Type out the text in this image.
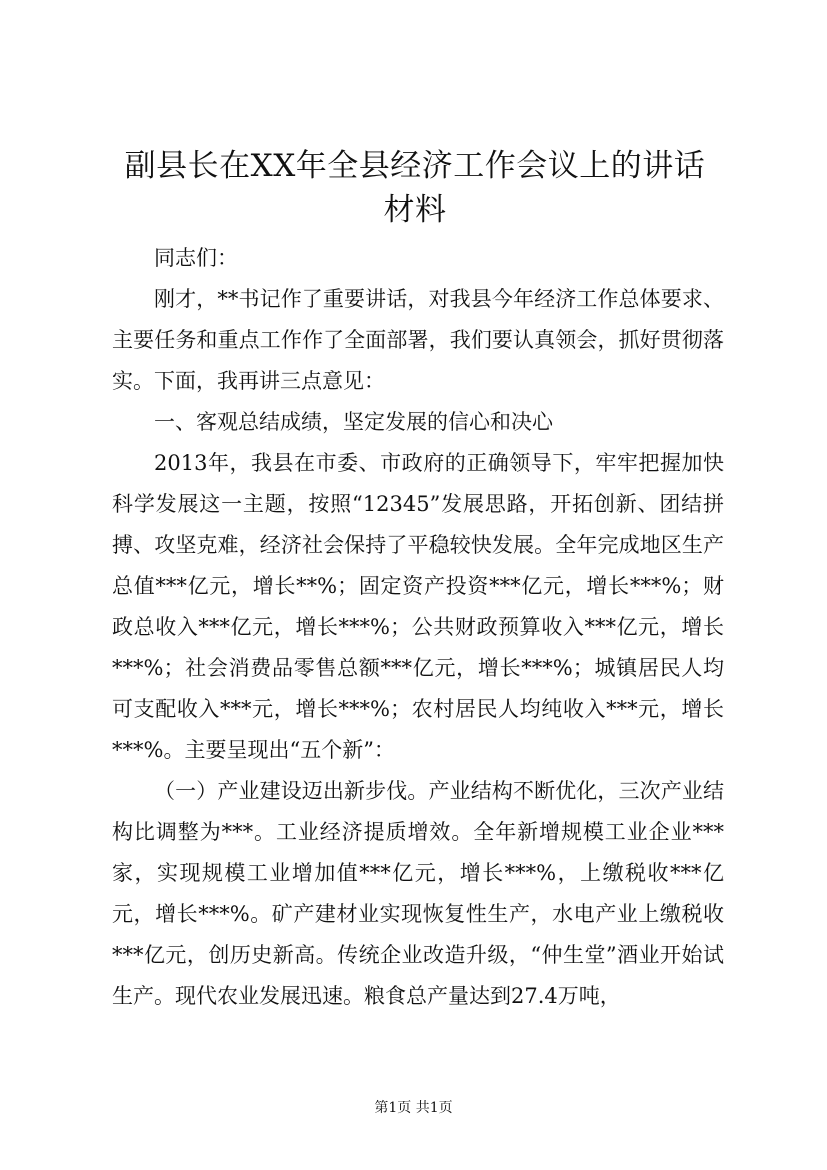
副县长在XX年全县经济工作会议上的讲话材料

同志们：

刚才，**书记作了重要讲话，对我县今年经济工作总体要求、主要任务和重点工作作了全面部署，我们要认真领会，抓好贯彻落实。下面，我再讲三点意见：

一、客观总结成绩，坚定发展的信心和决心

2013年，我县在市委、市政府的正确领导下，牢牢把握加快科学发展这一主题，按照“12345”发展思路，开拓创新、团结拼搏、攻坚克难，经济社会保持了平稳较快发展。全年完成地区生产总值***亿元，增长**%；固定资产投资***亿元，增长***%；财政总收入***亿元，增长***%；公共财政预算收入***亿元，增长***%；社会消费品零售总额***亿元，增长***%；城镇居民人均可支配收入***元，增长***%；农村居民人均纯收入***元，增长***%。主要呈现出“五个新”：

（一）产业建设迈出新步伐。产业结构不断优化，三次产业结构比调整为***。工业经济提质增效。全年新增规模工业企业***家，实现规模工业增加值***亿元，增长***%，上缴税收***亿元，增长***%。矿产建材业实现恢复性生产，水电产业上缴税收***亿元，创历史新高。传统企业改造升级，“仲生堂”酒业开始试生产。现代农业发展迅速。粮食总产量达到27.4万吨，

第1页 共1页
